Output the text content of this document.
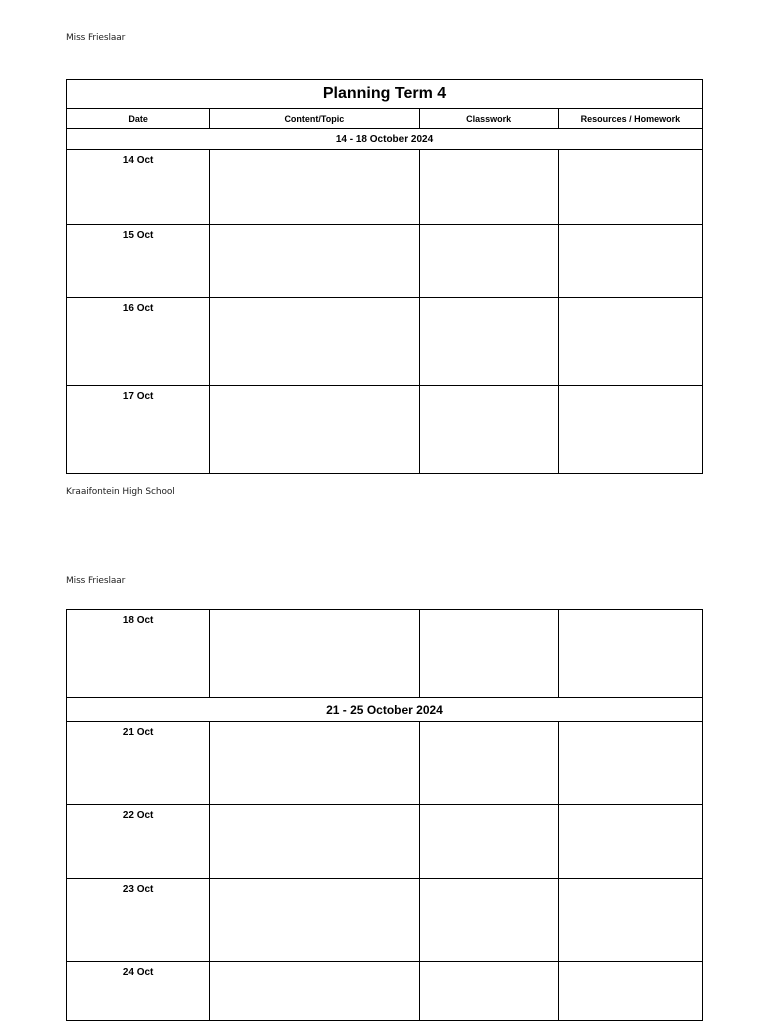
Miss Frieslaar
Planning Term 4			
Date	Content/Topic	Classwork	Resources / Homework
14 - 18 October 2024			
14 Oct			
15 Oct			
16 Oct			
17 Oct			
Kraaifontein High School
Miss Frieslaar
18 Oct			
21 - 25 October 2024			
21 Oct			
22 Oct			
23 Oct			
24 Oct			
